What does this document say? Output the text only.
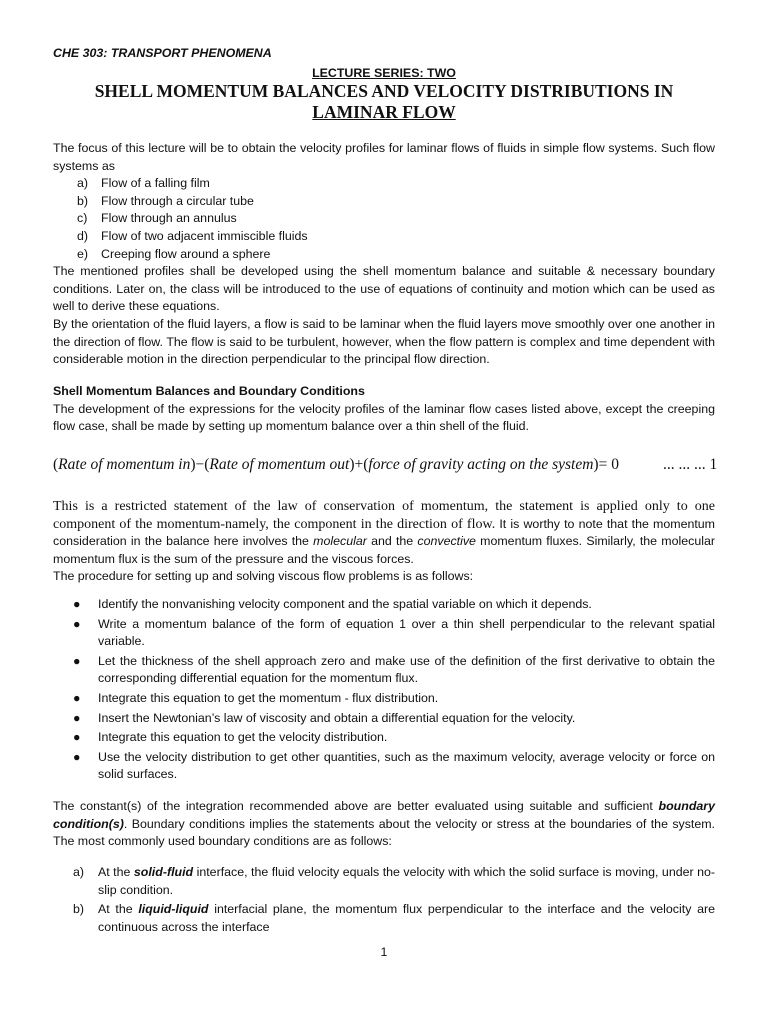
CHE 303: TRANSPORT PHENOMENA
LECTURE SERIES: TWO
SHELL MOMENTUM BALANCES AND VELOCITY DISTRIBUTIONS IN
LAMINAR FLOW

The focus of this lecture will be to obtain the velocity profiles for laminar flows of fluids in simple flow systems. Such flow systems as

a) Flow of a falling film
b) Flow through a circular tube
c) Flow through an annulus
d) Flow of two adjacent immiscible fluids
e) Creeping flow around a sphere

The mentioned profiles shall be developed using the shell momentum balance and suitable & necessary boundary conditions. Later on, the class will be introduced to the use of equations of continuity and motion which can be used as well to derive these equations.

By the orientation of the fluid layers, a flow is said to be laminar when the fluid layers move smoothly over one another in the direction of flow. The flow is said to be turbulent, however, when the flow pattern is complex and time dependent with considerable motion in the direction perpendicular to the principal flow direction.

Shell Momentum Balances and Boundary Conditions

The development of the expressions for the velocity profiles of the laminar flow cases listed above, except the creeping flow case, shall be made by setting up momentum balance over a thin shell of the fluid.

(Rate of momentum in)−(Rate of momentum out)+(force of gravity acting on the system)= 0	... ... ... 1

This is a restricted statement of the law of conservation of momentum, the statement is applied only to one component of the momentum-namely, the component in the direction of flow. It is worthy to note that the momentum consideration in the balance here involves the molecular and the convective momentum fluxes. Similarly, the molecular momentum flux is the sum of the pressure and the viscous forces.

The procedure for setting up and solving viscous flow problems is as follows:

● Identify the nonvanishing velocity component and the spatial variable on which it depends.
● Write a momentum balance of the form of equation 1 over a thin shell perpendicular to the relevant spatial variable.
● Let the thickness of the shell approach zero and make use of the definition of the first derivative to obtain the corresponding differential equation for the momentum flux.
● Integrate this equation to get the momentum - flux distribution.
● Insert the Newtonian’s law of viscosity and obtain a differential equation for the velocity.
● Integrate this equation to get the velocity distribution.
● Use the velocity distribution to get other quantities, such as the maximum velocity, average velocity or force on solid surfaces.

The constant(s) of the integration recommended above are better evaluated using suitable and sufficient boundary condition(s). Boundary conditions implies the statements about the velocity or stress at the boundaries of the system. The most commonly used boundary conditions are as follows:

a) At the solid-fluid interface, the fluid velocity equals the velocity with which the solid surface is moving, under no-slip condition.
b) At the liquid-liquid interfacial plane, the momentum flux perpendicular to the interface and the velocity are continuous across the interface
1
